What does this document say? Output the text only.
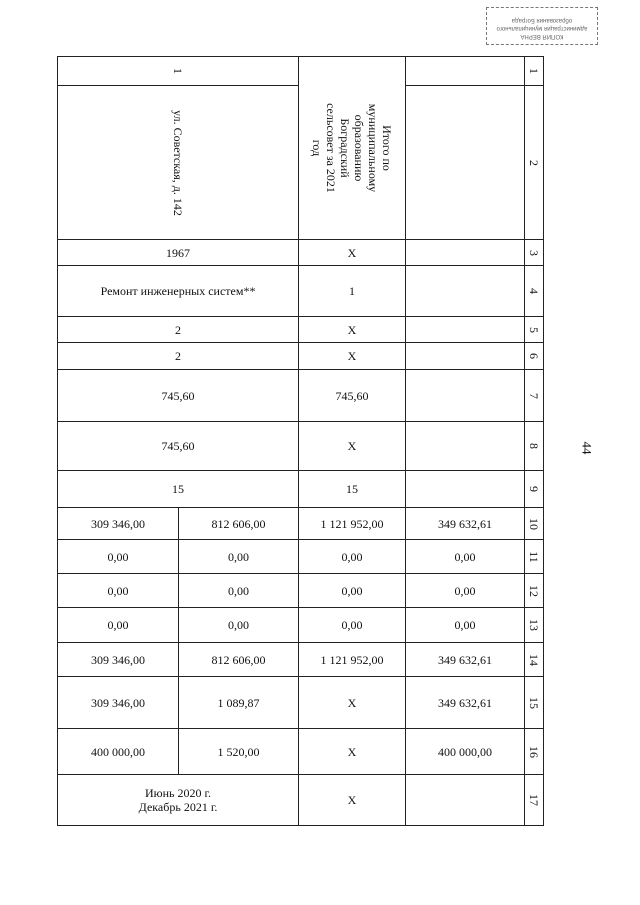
КОПИЯ ВЕРНА
администрация муниципального
образования Бограда
44
1
ул. Советская, д. 142	Итого по муниципальному образованию Боградский сельсовет за 2021 год
1
2
1967	X	3
Ремонт инженерных систем**	1	4
2	X	5
2	X	6
745,60	745,60	7
745,60	X	8
15	15	9
309 346,00	812 606,00	1 121 952,00	349 632,61	10
0,00	0,00	0,00	0,00	11
0,00	0,00	0,00	0,00	12
0,00	0,00	0,00	0,00	13
309 346,00	812 606,00	1 121 952,00	349 632,61	14
309 346,00	1 089,87	X	349 632,61	15
400 000,00	1 520,00	X	400 000,00	16
Июнь 2020 г.
Декабрь 2021 г.	X	17
